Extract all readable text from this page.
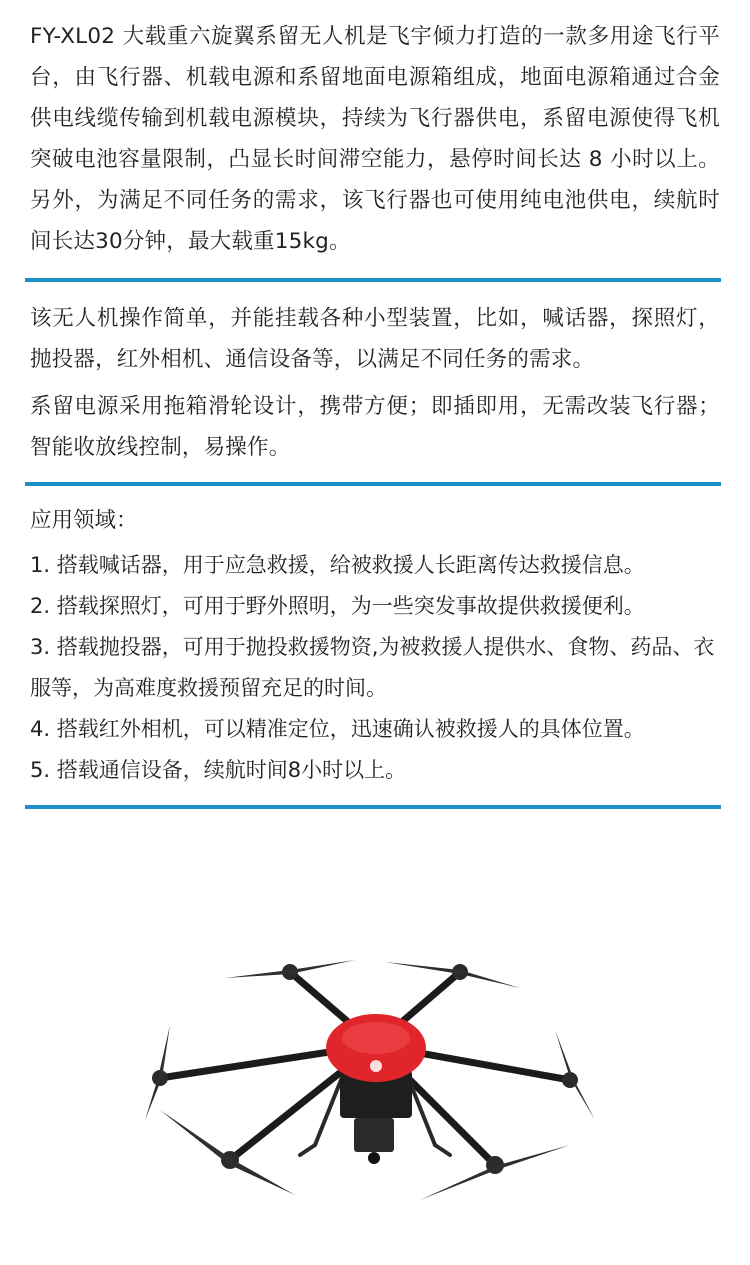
FY-XL02 大载重六旋翼系留无人机是飞宇倾力打造的一款多用途飞行平台，由飞行器、机载电源和系留地面电源箱组成，地面电源箱通过合金供电线缆传输到机载电源模块，持续为飞行器供电，系留电源使得飞机突破电池容量限制，凸显长时间滞空能力，悬停时间长达 8 小时以上。另外，为满足不同任务的需求，该飞行器也可使用纯电池供电，续航时间长达30分钟，最大载重15kg。

该无人机操作简单，并能挂载各种小型装置，比如，喊话器，探照灯，抛投器，红外相机、通信设备等，以满足不同任务的需求。

系留电源采用拖箱滑轮设计，携带方便；即插即用，无需改装飞行器；智能收放线控制，易操作。

应用领域：

1. 搭载喊话器，用于应急救援，给被救援人长距离传达救援信息。

2. 搭载探照灯，可用于野外照明，为一些突发事故提供救援便利。

3. 搭载抛投器，可用于抛投救援物资,为被救援人提供水、食物、药品、衣服等，为高难度救援预留充足的时间。

4. 搭载红外相机，可以精准定位，迅速确认被救援人的具体位置。

5. 搭载通信设备，续航时间8小时以上。
